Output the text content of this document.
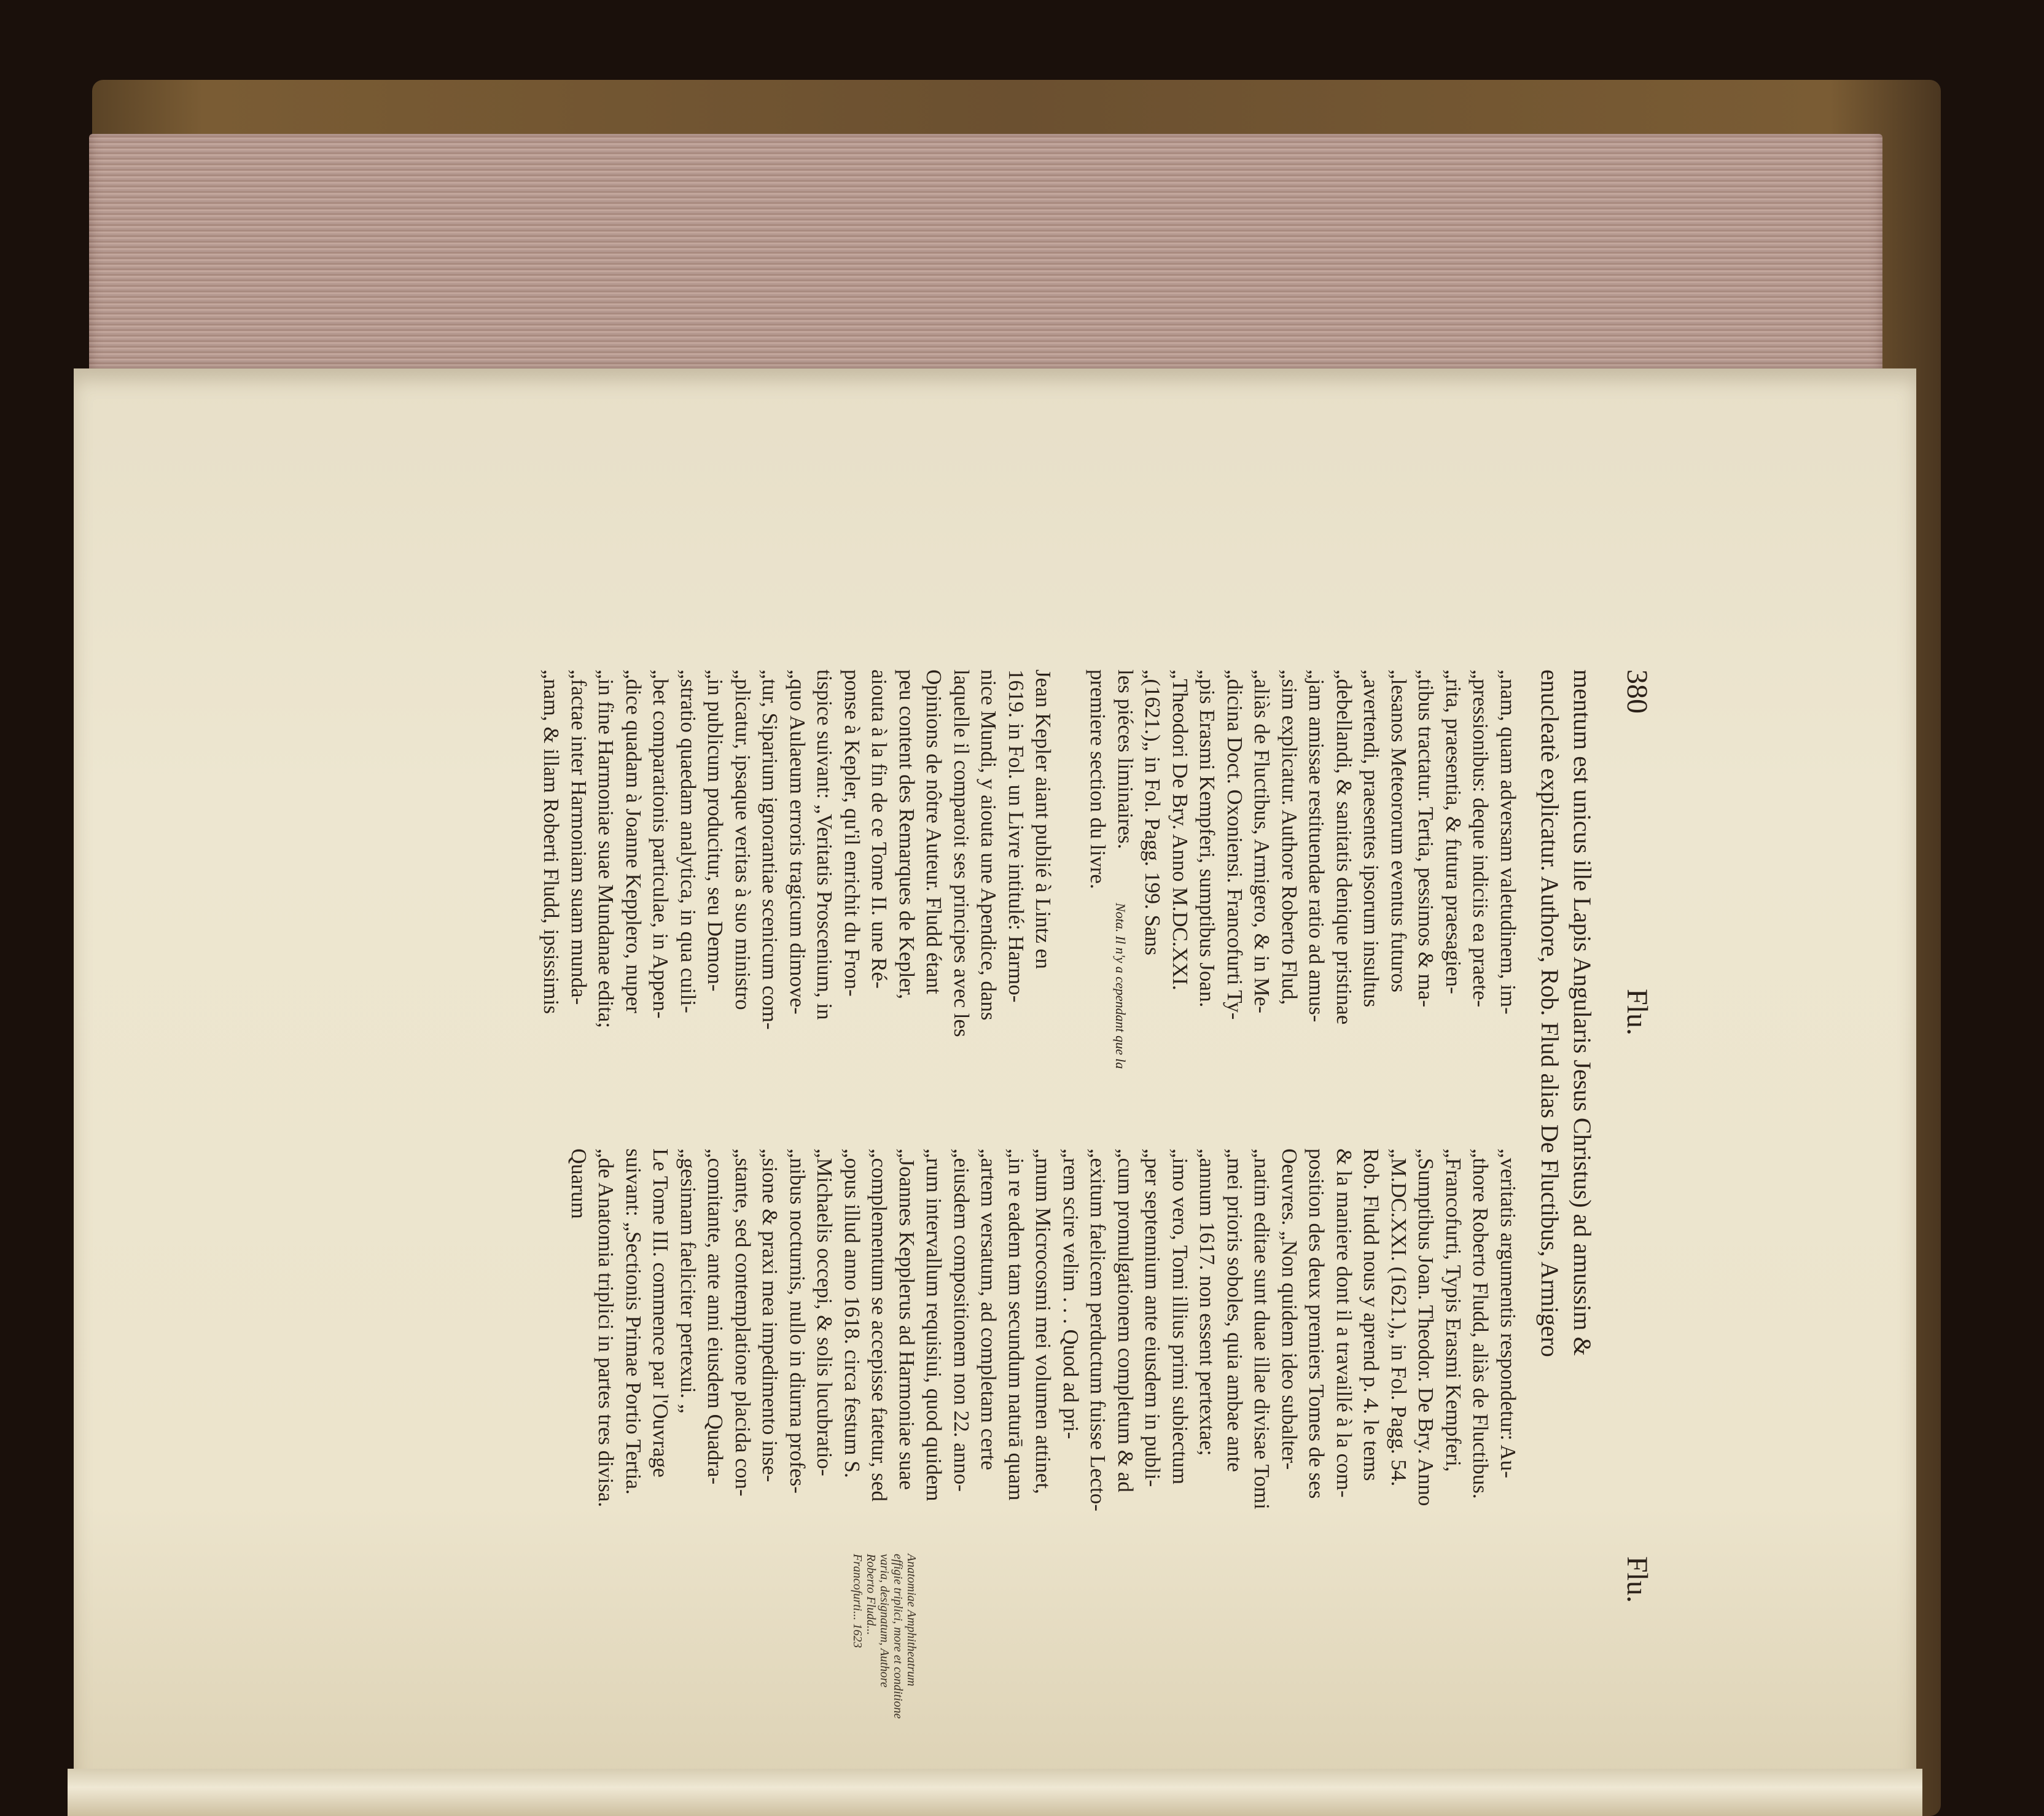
380
Flu.
Flu.
mentum est unicus ille Lapis Angularis Jesus Christus) ad amussim &
enucleatè explicatur. Authore, Rob. Flud alias De Fluctibus, Armigero
„nam, quam adversam valetudinem, im-
„pressionibus: deque indiciis ea praete-
„rita, praesentia, & futura praesagien-
„tibus tractatur. Tertia, pessimos & ma-
„lesanos Meteororum eventus futuros
„avertendi, praesentes ipsorum insultus
„debellandi, & sanitatis denique pristinae
„jam amissae restituendae ratio ad amus-
„sim explicatur. Authore Roberto Flud,
„aliàs de Fluctibus, Armigero, & in Me-
„dicina Doct. Oxoniensi. Francofurti Ty-
„pis Erasmi Kempferi, sumptibus Joan.
„Theodori De Bry. Anno M.DC.XXI.
„(1621.)„ in Fol. Pagg. 199. Sans
les piéces liminaires.
premiere section du livre.
Jean Kepler aiant publié à Lintz en
1619. in Fol. un Livre intitulé: Harmo-
nice Mundi, y aiouta une Apendice, dans
laquelle il comparoit ses principes avec les
Opinions de nôtre Auteur. Fludd étant
peu content des Remarques de Kepler,
aiouta à la fin de ce Tome II. une Ré-
ponse à Kepler, qu'il enrichit du Fron-
tispice suivant: „Veritatis Proscenium, in
„quo Aulaeum erroris tragicum dimove-
„tur, Siparium ignorantiae scenicum com-
„plicatur, ipsaque veritas à suo ministro
„in publicum producitur, seu Demon-
„stratio quaedam analytica, in qua cuili-
„bet comparationis particulae, in Appen-
„dice quadam à Joanne Kepplero, nuper
„in fine Harmoniae suae Mundanae edita;
„factae inter Harmoniam suam munda-
„nam, & illam Roberti Fludd, ipsissimis	Nota. Il n'y a cependant que la
„veritatis argumentis respondetur: Au-
„thore Roberto Fludd, aliàs de Fluctibus.
„Francofurti, Typis Erasmi Kempferi,
„Sumptibus Joan. Theodor. De Bry. Anno
„M.DC.XXI. (1621.)„ in Fol. Pagg. 54.
Rob. Fludd nous y aprend p. 4. le tems
& la maniere dont il a travaillé à la com-
position des deux premiers Tomes de ses
Oeuvres. „Non quidem ideo subalter-
„natim editae sunt duae illae divisae Tomi
„mei prioris soboles, quia ambae ante
„annum 1617. non essent pertextae;
„imo vero, Tomi illius primi subiectum
„per septennium ante eiusdem in publi-
„cum promulgationem completum & ad
„exitum faelicem perductum fuisse Lecto-
„rem scire velim . . . Quod ad pri-
„mum Microcosmi mei volumen attinet,
„in re eadem tam secundum naturā quam
„artem versatum, ad completam certe
„eiusdem compositionem non 22. anno-
„rum intervallum requisiui, quod quidem
„Joannes Kepplerus ad Harmoniae suae
„complementum se accepisse fatetur, sed
„opus illud anno 1618. circa festum S.
„Michaelis occepi, & solis lucubratio-
„nibus nocturnis, nullo in diurna profes-
„sione & praxi mea impedimento inse-
„stante, sed contemplatione placida con-
„comitante, ante anni eiusdem Quadra-
„gesimam faeliciter pertexui. „
Le Tome III. commence par l'Ouvrage
suivant: „Sectionis Primae Portio Tertia.
„de Anatomia triplici in partes tres divisa.
Quarum
Anatomiae Amphitheatrum
varia, designatum, Authore
Roberto Fludd...
Francofurti... 1623
